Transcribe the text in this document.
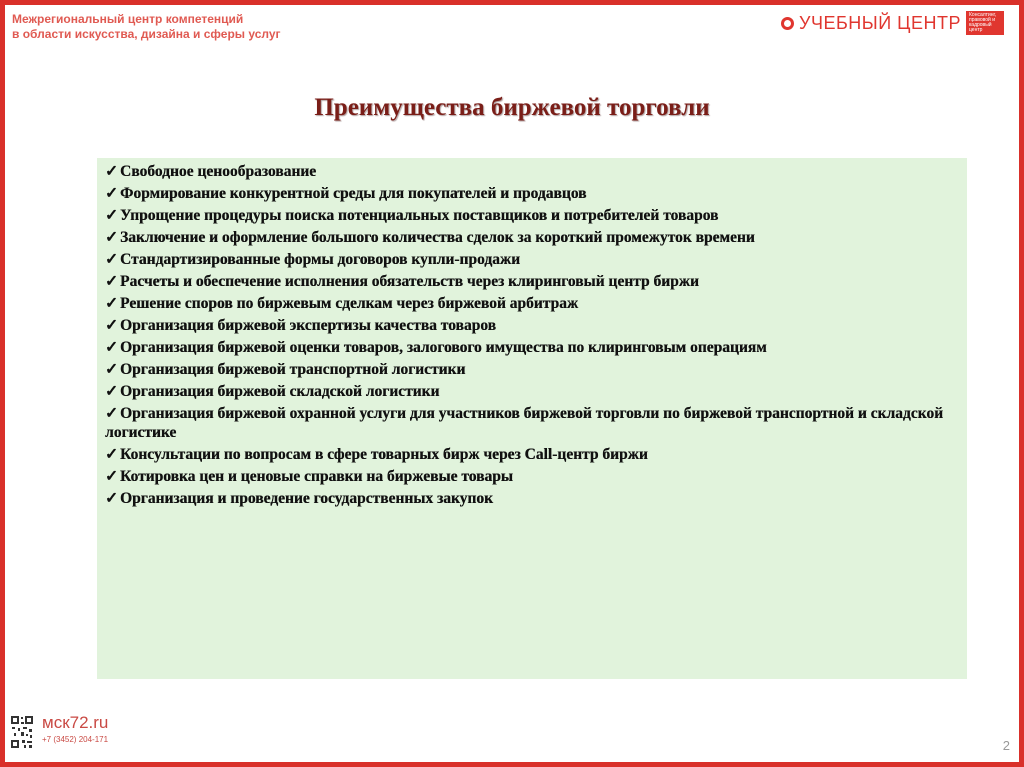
Межрегиональный центр компетенций
в области искусства, дизайна и сферы услуг
УЧЕБНЫЙ ЦЕНТР	Консалтинг, правовой и кадровый центр
Преимущества биржевой торговли
✓ Свободное ценообразование
✓ Формирование конкурентной среды для покупателей и продавцов
✓ Упрощение процедуры поиска потенциальных поставщиков и потребителей товаров
✓ Заключение и оформление большого количества сделок за короткий промежуток времени
✓ Стандартизированные формы договоров купли-продажи
✓ Расчеты и обеспечение исполнения обязательств через клиринговый центр биржи
✓ Решение споров по биржевым сделкам через биржевой арбитраж
✓ Организация биржевой экспертизы качества товаров
✓ Организация биржевой оценки товаров, залогового имущества по клиринговым операциям
✓ Организация биржевой транспортной логистики
✓ Организация биржевой складской логистики
✓ Организация биржевой охранной услуги для участников биржевой торговли по биржевой транспортной и складской логистике
✓ Консультации по вопросам в сфере товарных бирж через Call-центр биржи
✓ Котировка цен и ценовые справки на биржевые товары
✓ Организация и проведение государственных закупок
мск72.ru
+7 (3452) 204-171	2
